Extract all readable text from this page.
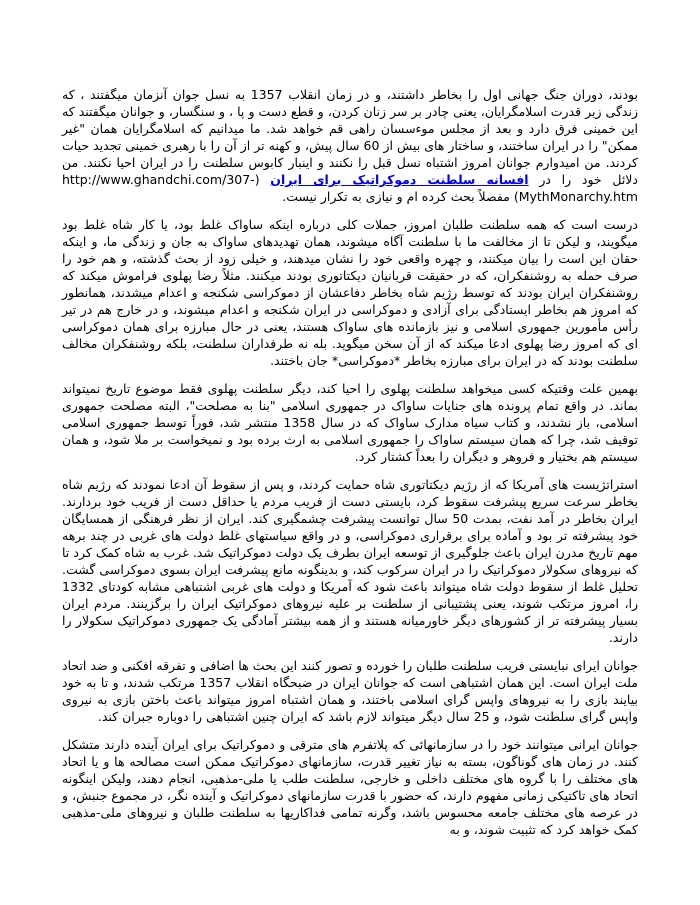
بودند، دوران جنگ جهانی اول را بخاطر داشتند، و در زمان انقلاب 1357 به نسل جوان آنزمان میگفتند ، که زندگی زیر قدرت اسلامگرایان، یعنی چادر بر سر زنان کردن، و قطع دست و پا ، و سنگسار، و جوانان میگفتند که این خمینی فرق دارد و بعد از مجلس موءسسان راهی قم خواهد شد. ما میدانیم که اسلامگرایان همان "غیر ممکن" را در ایران ساختند، و ساختار های بیش از 60 سال پیش، و کهنه تر از آن را با رهبری خمینی تجدید حیات کردند. من امیدوارم جوانان امروز اشتباه نسل قبل را نکنند و اینبار کابوس سلطنت را در ایران احیا نکنند. من دلائل خود را در افسانه سلطنت دموکراتیک برای ایران (http://www.ghandchi.com/307-MythMonarchy.htm) مفصلاً بحث کرده ام و نیازی به تکرار نیست.

درست است که همه سلطنت طلبان امروز، جملات کلی درباره اینکه ساواک غلط بود، یا کار شاه غلط بود میگویند، و لیکن تا از مخالفت ما با سلطنت آگاه میشوند، همان تهدیدهای ساواک به جان و زندگی ما، و اینکه حقان این است را بیان میکنند، و چهره واقعی خود را نشان میدهند، و خیلی زود از بحث گذشته، و هم خود را صرف حمله به روشنفکران، که در حقیقت قربانیان دیکتاتوری بودند میکنند. مثلاً رضا پهلوی فراموش میکند که روشنفکران ایران بودند که توسط رژیم شاه بخاطر دفاعشان از دموکراسی شکنجه و اعدام میشدند، همانطور که امروز هم بخاطر ایستادگی برای آزادی و دموکراسی در ایران شکنجه و اعدام میشوند، و در خارج هم در تیر رأس مأمورین جمهوری اسلامی و نیز بازمانده های ساواک هستند، یعنی در حال مبارزه برای همان دموکراسی ای که امروز رضا پهلوی ادعا میکند که از آن سخن میگوید. بله نه طرفداران سلطنت، بلکه روشنفکران مخالف سلطنت بودند که در ایران برای مبارزه بخاطر *دموکراسی* جان باختند.

بهمین علت وقتیکه کسی میخواهد سلطنت پهلوی را احیا کند، دیگر سلطنت پهلوی فقط موضوع تاریخ نمیتواند بماند. در واقع تمام پرونده های جنایات ساواک در جمهوری اسلامی "بنا به مصلحت"، البته مصلحت جمهوری اسلامی، باز نشدند، و کتاب سیاه مدارک ساواک که در سال 1358 منتشر شد، فوراً توسط جمهوری اسلامی توقیف شد، چرا که همان سیستم ساواک را جمهوری اسلامی به ارث برده بود و نمیخواست بر ملا شود، و همان سیستم هم بختیار و فروهر و دیگران را بعداً کشتار کرد.

استراتژیست های آمریکا که از رژیم دیکتاتوری شاه حمایت کردند، و پس از سقوط آن ادعا نمودند که رژیم شاه بخاطر سرعت سریع پیشرفت سقوط کرد، بایستی دست از فریب مردم یا حداقل دست از فریب خود بردارند. ایران بخاطر در آمد نفت، بمدت 50 سال توانست پیشرفت چشمگیری کند. ایران از نظر فرهنگی از همسایگان خود پیشرفته تر بود و آماده برای برقراری دموکراسی، و در واقع سیاستهای غلط دولت های غربی در چند برهه مهم تاریخ مدرن ایران باعث جلوگیری از توسعه ایران بطرف یک دولت دموکراتیک شد. غرب به شاه کمک کرد تا که نیروهای سکولار دموکراتیک را در ایران سرکوب کند، و بدینگونه مانع پیشرفت ایران بسوی دموکراسی گشت. تحلیل غلط از سقوط دولت شاه میتواند باعث شود که آمریکا و دولت های غربی اشتباهی مشابه کودتای 1332 را، امروز مرتکب شوند، یعنی پشتیبانی از سلطنت بر علیه نیروهای دموکراتیک ایران را برگزینند. مردم ایران بسیار پیشرفته تر از کشورهای دیگر خاورمیانه هستند و از همه بیشتر آمادگی یک جمهوری دموکراتیک سکولار را دارند.

جوانان ایرای نبایستی فریب سلطنت طلبان را خورده و تصور کنند این بحث ها اضافی و تفرقه افکنی و ضد اتحاد ملت ایران است. این همان اشتباهی است که جوانان ایران در ضبحگاه انقلاب 1357 مرتکب شدند، و تا به خود بیایند بازی را به نیروهای واپس گرای اسلامی باختند، و همان اشتباه امروز میتواند باعث باختن بازی به نیروی واپس گرای سلطنت شود، و 25 سال دیگر میتواند لازم باشد که ایران چنین اشتباهی را دوباره جبران کند.

جوانان ایرانی میتوانند خود را در سازمانهائی که پلاتفرم های مترقی و دموکراتیک برای ایران آینده دارند متشکل کنند. در زمان های گوناگون، بسته به نیاز تغییر قدرت، سازمانهای دموکراتیک ممکن است مصالحه ها و یا اتحاد های مختلف را با گروه های مختلف داخلی و خارجی، سلطنت طلب یا ملی-مذهبی، انجام دهند، ولیکن اینگونه اتحاد های تاکتیکی زمانی مفهوم دارند، که حضور با قدرت سازمانهای دموکراتیک و آینده نگر، در مجموع جنبش، و در عرصه های مختلف جامعه محسوس باشد، وگرنه تمامی فداکاریها به سلطنت طلبان و نیروهای ملی-مذهبی کمک خواهد کرد که تثبیت شوند، و به
